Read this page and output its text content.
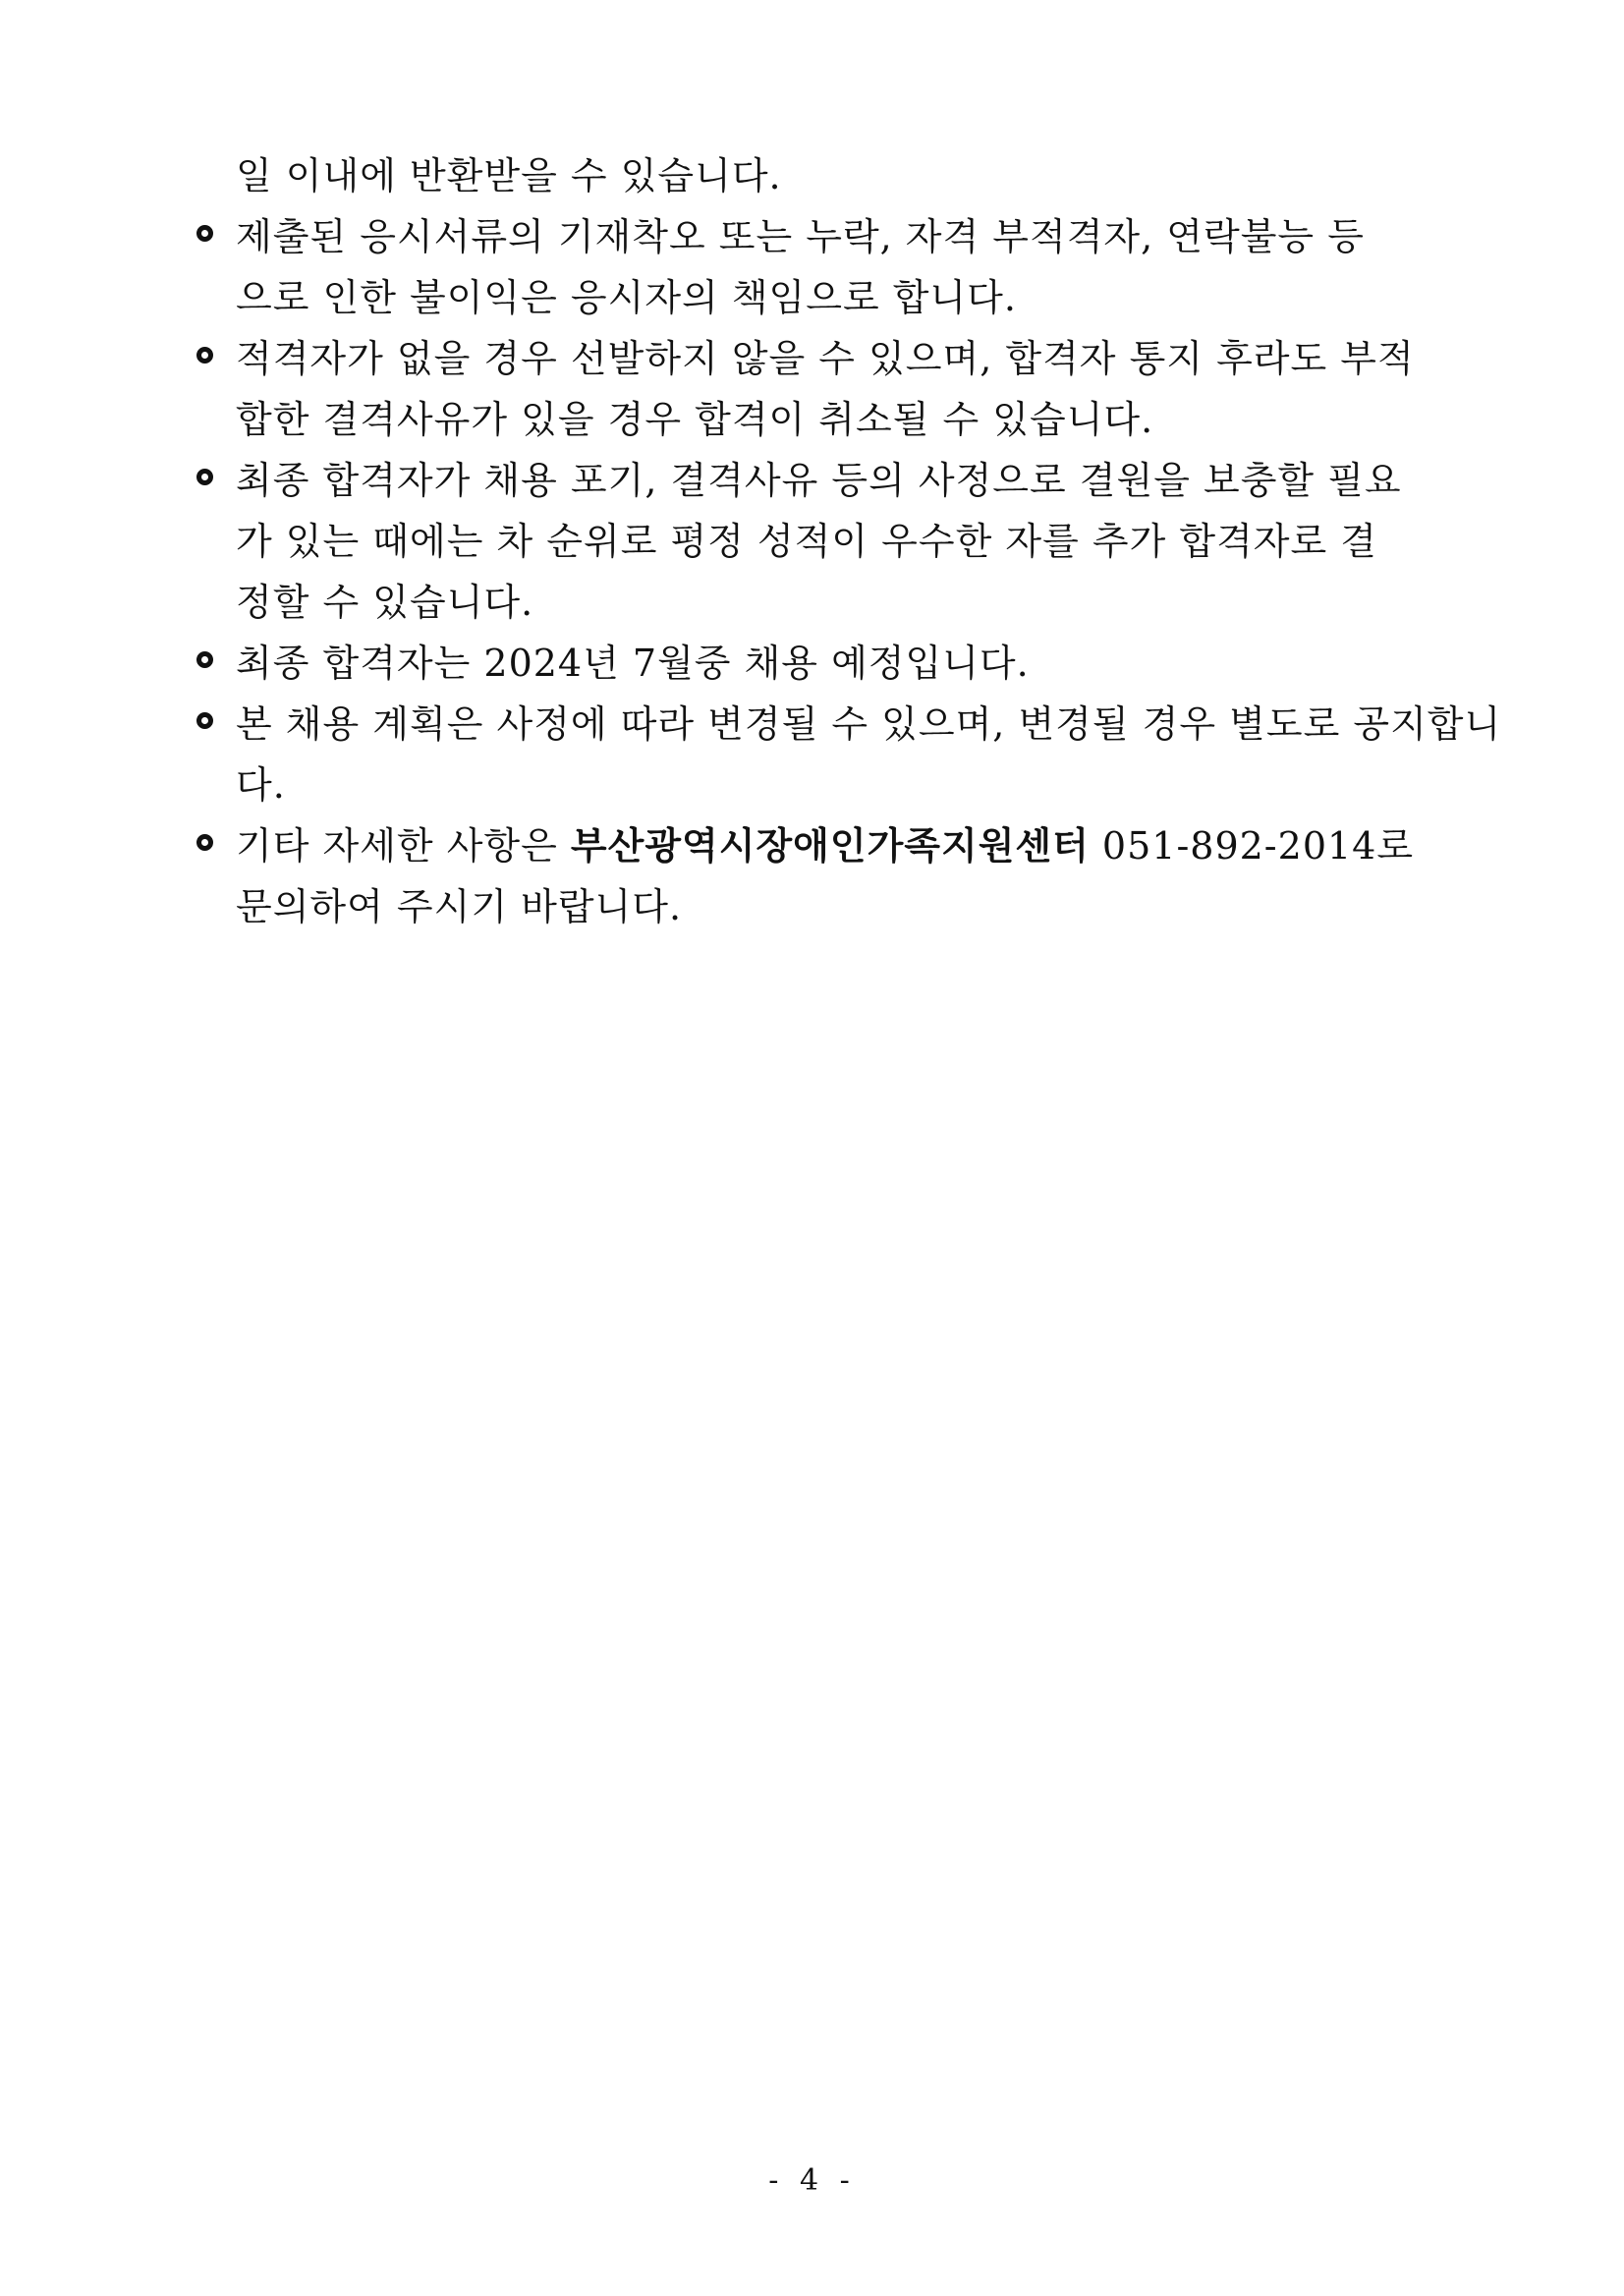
일 이내에 반환받을 수 있습니다.
제출된 응시서류의 기재착오 또는 누락, 자격 부적격자, 연락불능 등
으로 인한 불이익은 응시자의 책임으로 합니다.
적격자가 없을 경우 선발하지 않을 수 있으며, 합격자 통지 후라도 부적
합한 결격사유가 있을 경우 합격이 취소될 수 있습니다.
최종 합격자가 채용 포기, 결격사유 등의 사정으로 결원을 보충할 필요
가 있는 때에는 차 순위로 평정 성적이 우수한 자를 추가 합격자로 결
정할 수 있습니다.
최종 합격자는 2024년 7월중 채용 예정입니다.
본 채용 계획은 사정에 따라 변경될 수 있으며, 변경될 경우 별도로 공지합니
다.
기타 자세한 사항은 부산광역시장애인가족지원센터 051-892-2014로
문의하여 주시기 바랍니다.
- 4 -
